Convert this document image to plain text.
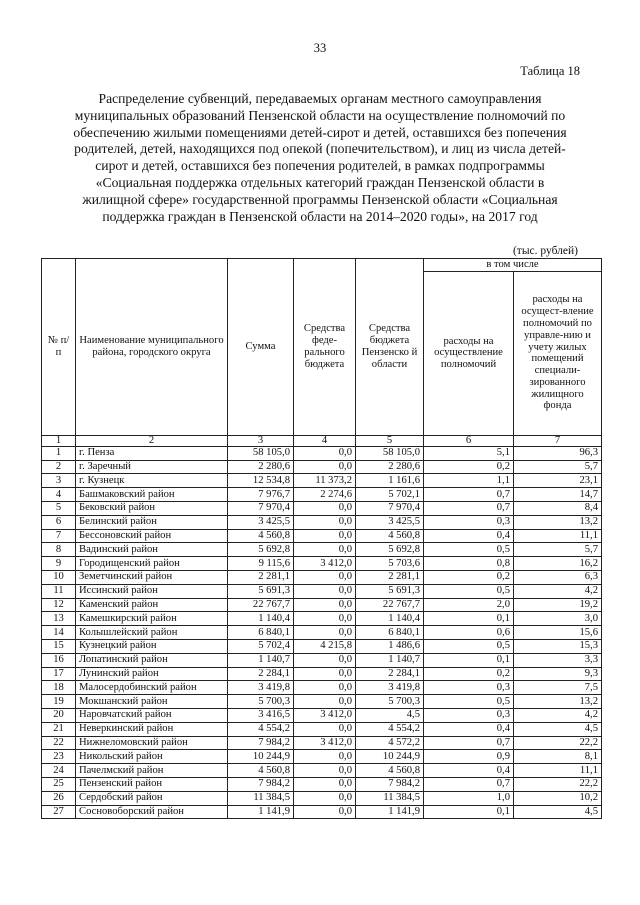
33
Таблица 18
Распределение субвенций, передаваемых органам местного самоуправления муниципальных образований Пензенской области на осуществление полномочий по обеспечению жилыми помещениями детей-сирот и детей, оставшихся без попечения родителей, детей, находящихся под опекой (попечительством), и лиц из числа детей-сирот и детей, оставшихся без попечения родителей, в рамках подпрограммы «Социальная поддержка отдельных категорий граждан Пензенской области в жилищной сфере» государственной программы Пензенской области «Социальная поддержка граждан в Пензенской области на 2014–2020 годы», на 2017 год
(тыс. рублей)
№ п/п	Наименование муниципального района, городского округа	Сумма	Средства феде-рального бюджета	Средства бюджета Пензенско й области	в том числе	
					расходы на осуществление полномочий	расходы на осущест-вление полномочий по управле-нию и учету жилых помещений специали-зированного жилищного фонда
1	2	3	4	5	6	7
1	г. Пенза	58 105,0	0,0	58 105,0	5,1	96,3
2	г. Заречный	2 280,6	0,0	2 280,6	0,2	5,7
3	г. Кузнецк	12 534,8	11 373,2	1 161,6	1,1	23,1
4	Башмаковский район	7 976,7	2 274,6	5 702,1	0,7	14,7
5	Бековский район	7 970,4	0,0	7 970,4	0,7	8,4
6	Белинский район	3 425,5	0,0	3 425,5	0,3	13,2
7	Бессоновский район	4 560,8	0,0	4 560,8	0,4	11,1
8	Вадинский район	5 692,8	0,0	5 692,8	0,5	5,7
9	Городищенский район	9 115,6	3 412,0	5 703,6	0,8	16,2
10	Земетчинский район	2 281,1	0,0	2 281,1	0,2	6,3
11	Иссинский район	5 691,3	0,0	5 691,3	0,5	4,2
12	Каменский район	22 767,7	0,0	22 767,7	2,0	19,2
13	Камешкирский район	1 140,4	0,0	1 140,4	0,1	3,0
14	Колышлейский район	6 840,1	0,0	6 840,1	0,6	15,6
15	Кузнецкий район	5 702,4	4 215,8	1 486,6	0,5	15,3
16	Лопатинский район	1 140,7	0,0	1 140,7	0,1	3,3
17	Лунинский район	2 284,1	0,0	2 284,1	0,2	9,3
18	Малосердобинский район	3 419,8	0,0	3 419,8	0,3	7,5
19	Мокшанский район	5 700,3	0,0	5 700,3	0,5	13,2
20	Наровчатский район	3 416,5	3 412,0	4,5	0,3	4,2
21	Неверкинский район	4 554,2	0,0	4 554,2	0,4	4,5
22	Нижнеломовский район	7 984,2	3 412,0	4 572,2	0,7	22,2
23	Никольский район	10 244,9	0,0	10 244,9	0,9	8,1
24	Пачелмский район	4 560,8	0,0	4 560,8	0,4	11,1
25	Пензенский район	7 984,2	0,0	7 984,2	0,7	22,2
26	Сердобский район	11 384,5	0,0	11 384,5	1,0	10,2
27	Сосновоборский район	1 141,9	0,0	1 141,9	0,1	4,5
